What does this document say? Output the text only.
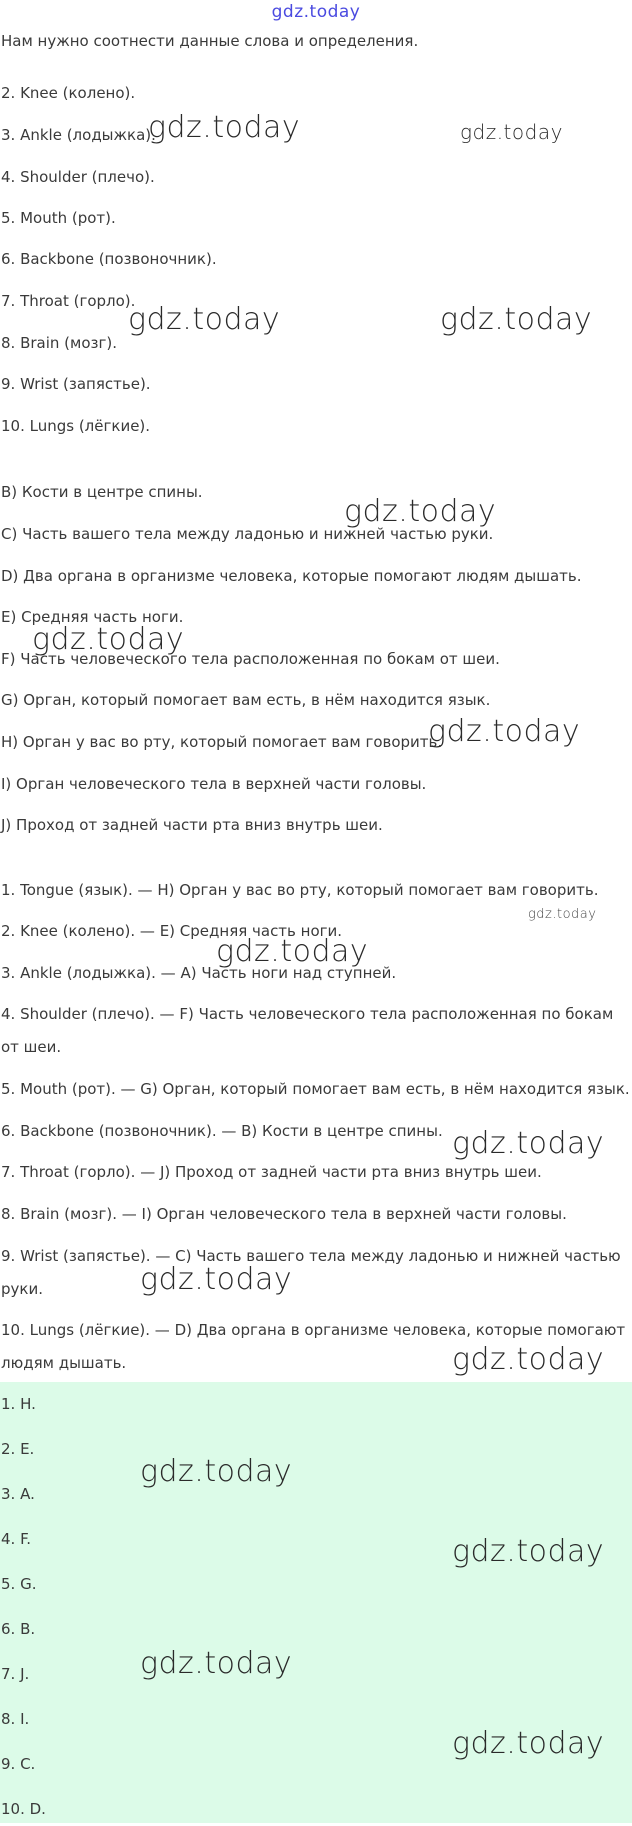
gdz.today
Нам нужно соотнести данные слова и определения.
2. Knee (колено).
3. Ankle (лодыжка).
4. Shoulder (плечо).
5. Mouth (рот).
6. Backbone (позвоночник).
7. Throat (горло).
8. Brain (мозг).
9. Wrist (запястье).
10. Lungs (лёгкие).
B) Кости в центре спины.
C) Часть вашего тела между ладонью и нижней частью руки.
D) Два органа в организме человека, которые помогают людям дышать.
E) Средняя часть ноги.
F) Часть человеческого тела расположенная по бокам от шеи.
G) Орган, который помогает вам есть, в нём находится язык.
H) Орган у вас во рту, который помогает вам говорить.
I) Орган человеческого тела в верхней части головы.
J) Проход от задней части рта вниз внутрь шеи.
1. Tongue (язык). — H) Орган у вас во рту, который помогает вам говорить.
2. Knee (колено). — E) Средняя часть ноги.
3. Ankle (лодыжка). — A) Часть ноги над ступней.
4. Shoulder (плечо). — F) Часть человеческого тела расположенная по бокам от шеи.
5. Mouth (рот). — G) Орган, который помогает вам есть, в нём находится язык.
6. Backbone (позвоночник). — B) Кости в центре спины.
7. Throat (горло). — J) Проход от задней части рта вниз внутрь шеи.
8. Brain (мозг). — I) Орган человеческого тела в верхней части головы.
9. Wrist (запястье). — C) Часть вашего тела между ладонью и нижней частью руки.
10. Lungs (лёгкие). — D) Два органа в организме человека, которые помогают людям дышать.
1. H.
2. E.
3. A.
4. F.
5. G.
6. B.
7. J.
8. I.
9. C.
10. D.
gdz.today	gdz.today
gdz.today	gdz.today
gdz.today
gdz.today
gdz.today
gdz.today
gdz.today
gdz.today
gdz.today
gdz.today
gdz.today
gdz.today
gdz.today
gdz.today
